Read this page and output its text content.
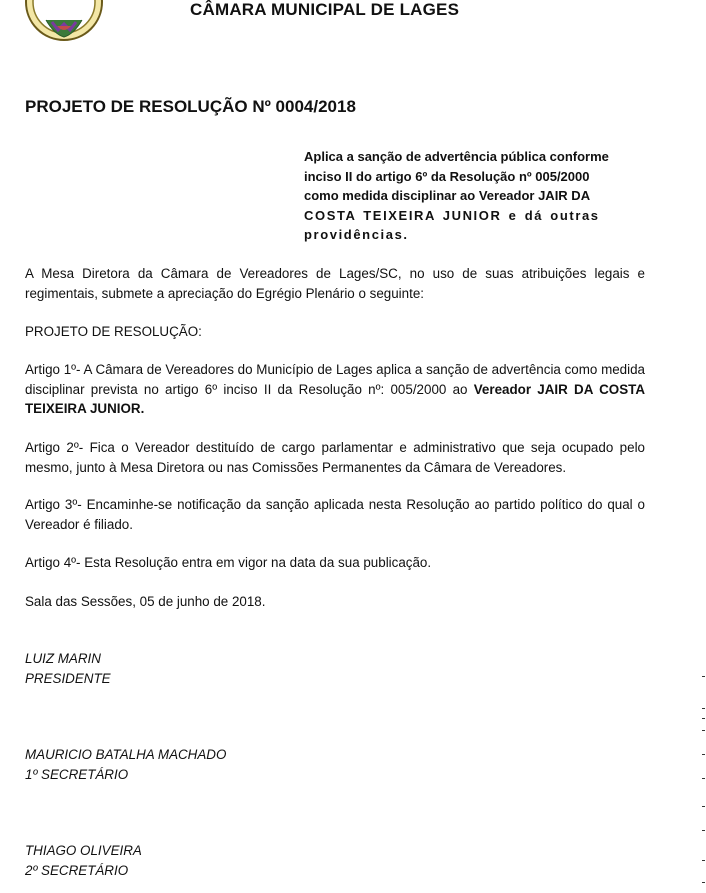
CÂMARA MUNICIPAL DE LAGES
PROJETO DE RESOLUÇÃO Nº 0004/2018
Aplica a sanção de advertência pública conforme
inciso II do artigo 6º da Resolução nº 005/2000
como medida disciplinar ao Vereador JAIR DA
COSTA TEIXEIRA JUNIOR e dá outras
providências.
A Mesa Diretora da Câmara de Vereadores de Lages/SC, no uso de suas atribuições legais e regimentais, submete a apreciação do Egrégio Plenário o seguinte:
PROJETO DE RESOLUÇÃO:
Artigo 1º- A Câmara de Vereadores do Município de Lages aplica a sanção de advertência como medida disciplinar prevista no artigo 6º inciso II da Resolução nº: 005/2000 ao Vereador JAIR DA COSTA TEIXEIRA JUNIOR.
Artigo 2º- Fica o Vereador destituído de cargo parlamentar e administrativo que seja ocupado pelo mesmo, junto à Mesa Diretora ou nas Comissões Permanentes da Câmara de Vereadores.
Artigo 3º- Encaminhe-se notificação da sanção aplicada nesta Resolução ao partido político do qual o Vereador é filiado.
Artigo 4º- Esta Resolução entra em vigor na data da sua publicação.
Sala das Sessões, 05 de junho de 2018.
LUIZ MARIN
PRESIDENTE
MAURICIO BATALHA MACHADO
1º SECRETÁRIO
THIAGO OLIVEIRA
2º SECRETÁRIO
